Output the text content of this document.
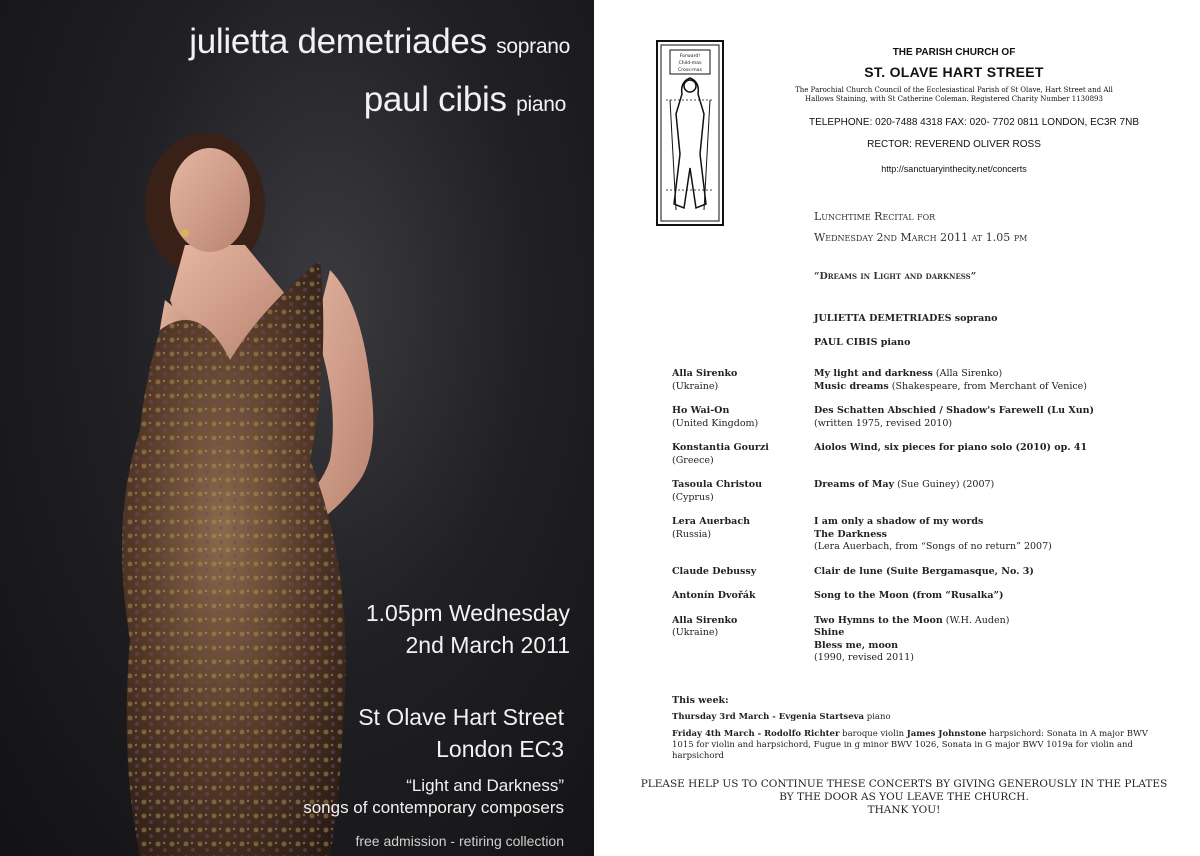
julietta demetriades soprano
paul cibis piano
1.05pm Wednesday
2nd March 2011
St Olave Hart Street
London EC3
“Light and Darkness”
songs of contemporary composers
free admission - retiring collection
Forward!
Child-mas
Cross-mas
THE PARISH CHURCH OF
ST. OLAVE HART STREET
The Parochial Church Council of the Ecclesiastical Parish of St Olave, Hart Street and All Hallows Staining, with St Catherine Coleman. Registered Charity Number 1130893
TELEPHONE: 020-7488 4318 FAX: 020- 7702 0811 LONDON, EC3R 7NB
RECTOR: REVEREND OLIVER ROSS
http://sanctuaryinthecity.net/concerts
Lunchtime Recital for
Wednesday 2nd March 2011 at 1.05 pm
“Dreams in Light and darkness”
JULIETTA DEMETRIADES soprano
PAUL CIBIS piano
Alla Sirenko
(Ukraine)
My light and darkness (Alla Sirenko)
Music dreams (Shakespeare, from Merchant of Venice)
Ho Wai-On
(United Kingdom)
Des Schatten Abschied / Shadow's Farewell (Lu Xun)
(written 1975, revised 2010)
Konstantia Gourzi
(Greece)
Aiolos Wind, six pieces for piano solo (2010) op. 41
Tasoula Christou
(Cyprus)
Dreams of May (Sue Guiney) (2007)
Lera Auerbach
(Russia)
I am only a shadow of my words
The Darkness
(Lera Auerbach, from “Songs of no return” 2007)
Claude Debussy	Clair de lune (Suite Bergamasque, No. 3)
Antonín Dvořák	Song to the Moon (from “Rusalka”)
Alla Sirenko
(Ukraine)
Two Hymns to the Moon (W.H. Auden)
Shine
Bless me, moon
(1990, revised 2011)
This week:
Thursday 3rd March - Evgenia Startseva piano
Friday 4th March - Rodolfo Richter baroque violin James Johnstone harpsichord: Sonata in A major BWV 1015 for violin and harpsichord, Fugue in g minor BWV 1026, Sonata in G major BWV 1019a for violin and harpsichord
PLEASE HELP US TO CONTINUE THESE CONCERTS BY GIVING GENEROUSLY IN THE PLATES
BY THE DOOR AS YOU LEAVE THE CHURCH.
THANK YOU!
